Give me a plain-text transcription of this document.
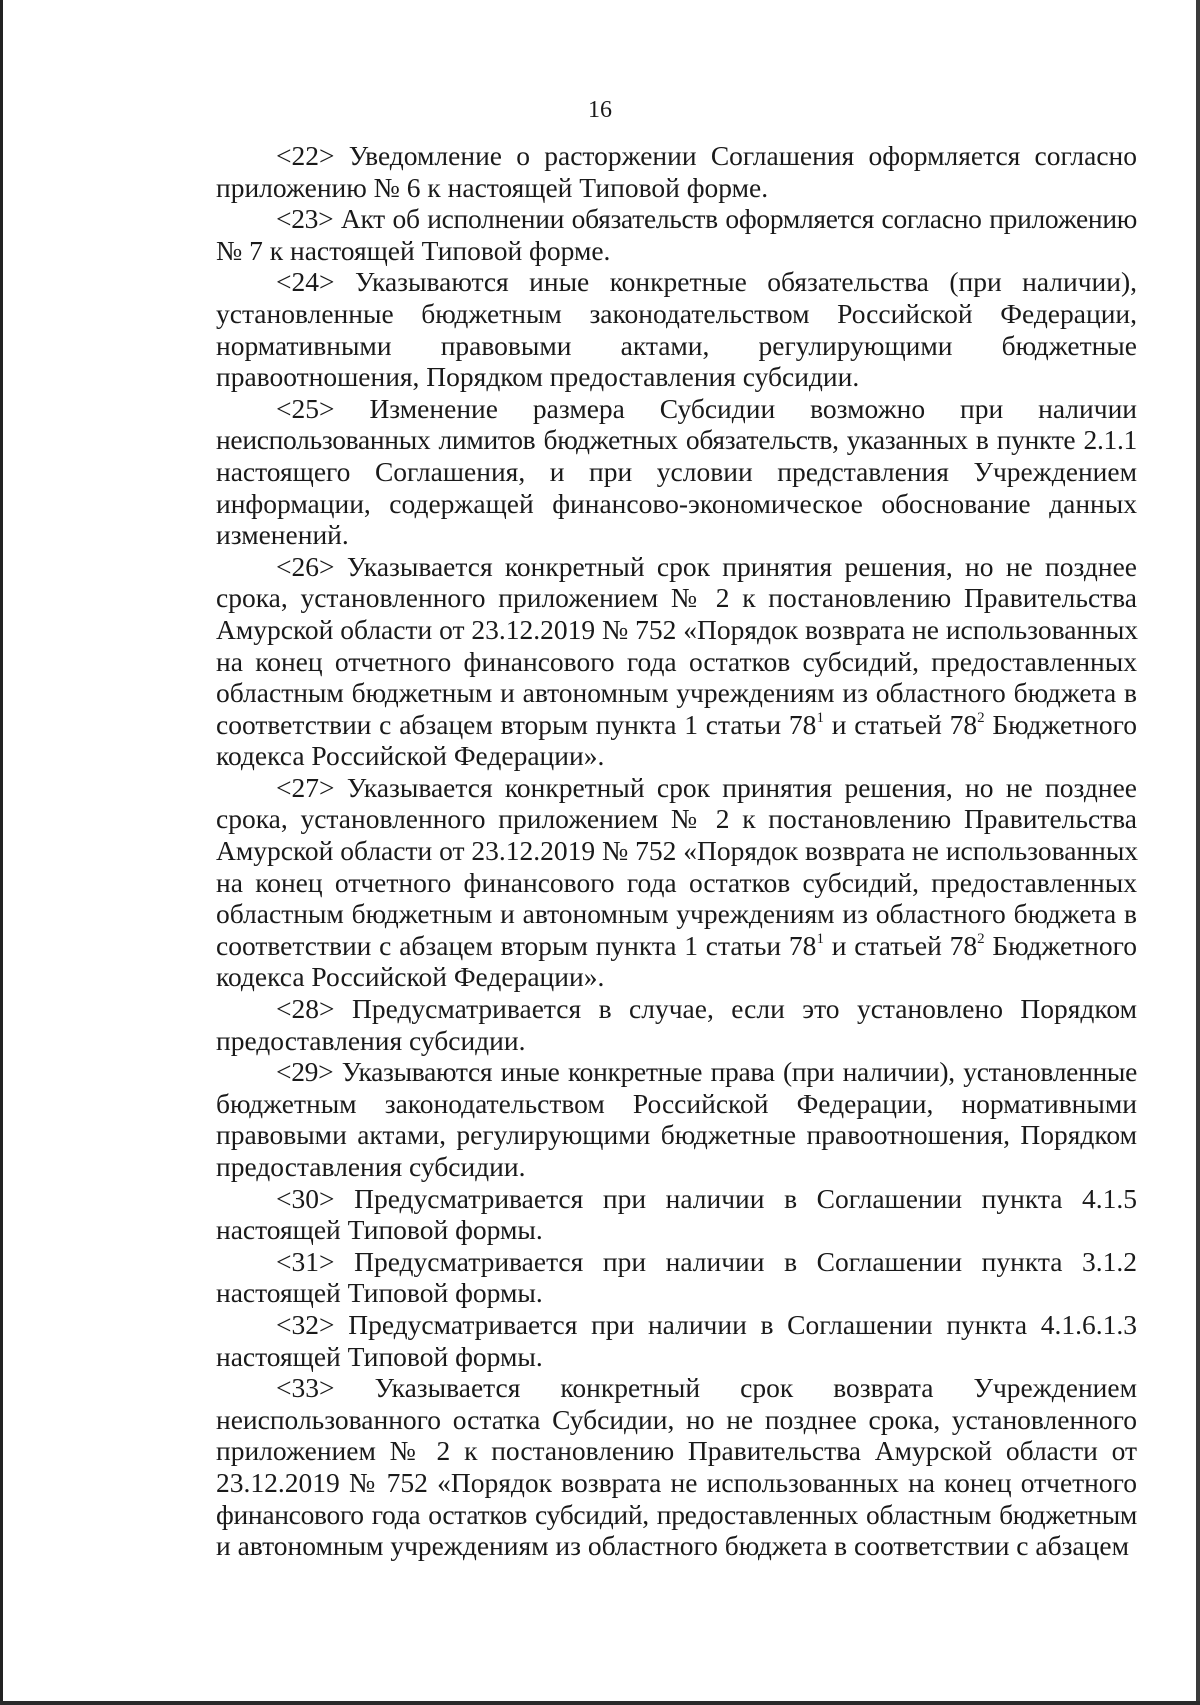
16
<22> Уведомление о расторжении Соглашения оформляется согласно
приложению № 6 к настоящей Типовой форме.
<23> Акт об исполнении обязательств оформляется согласно приложению
№ 7 к настоящей Типовой форме.
<24> Указываются иные конкретные обязательства (при наличии),
установленные бюджетным законодательством Российской Федерации,
нормативными правовыми актами, регулирующими бюджетные
правоотношения, Порядком предоставления субсидии.
<25> Изменение размера Субсидии возможно при наличии
неиспользованных лимитов бюджетных обязательств, указанных в пункте 2.1.1
настоящего Соглашения, и при условии представления Учреждением
информации, содержащей финансово-экономическое обоснование данных
изменений.
<26> Указывается конкретный срок принятия решения, но не позднее
срока, установленного приложением № 2 к постановлению Правительства
Амурской области от 23.12.2019 № 752 «Порядок возврата не использованных
на конец отчетного финансового года остатков субсидий, предоставленных
областным бюджетным и автономным учреждениям из областного бюджета в
соответствии с абзацем вторым пункта 1 статьи $78^1$ и статьей $78^2$ Бюджетного
кодекса Российской Федерации».
<27> Указывается конкретный срок принятия решения, но не позднее
срока, установленного приложением № 2 к постановлению Правительства
Амурской области от 23.12.2019 № 752 «Порядок возврата не использованных
на конец отчетного финансового года остатков субсидий, предоставленных
областным бюджетным и автономным учреждениям из областного бюджета в
соответствии с абзацем вторым пункта 1 статьи $78^1$ и статьей $78^2$ Бюджетного
кодекса Российской Федерации».
<28> Предусматривается в случае, если это установлено Порядком
предоставления субсидии.
<29> Указываются иные конкретные права (при наличии), установленные
бюджетным законодательством Российской Федерации, нормативными
правовыми актами, регулирующими бюджетные правоотношения, Порядком
предоставления субсидии.
<30> Предусматривается при наличии в Соглашении пункта 4.1.5
настоящей Типовой формы.
<31> Предусматривается при наличии в Соглашении пункта 3.1.2
настоящей Типовой формы.
<32> Предусматривается при наличии в Соглашении пункта 4.1.6.1.3
настоящей Типовой формы.
<33> Указывается конкретный срок возврата Учреждением
неиспользованного остатка Субсидии, но не позднее срока, установленного
приложением № 2 к постановлению Правительства Амурской области от
23.12.2019 № 752 «Порядок возврата не использованных на конец отчетного
финансового года остатков субсидий, предоставленных областным бюджетным
и автономным учреждениям из областного бюджета в соответствии с абзацем
